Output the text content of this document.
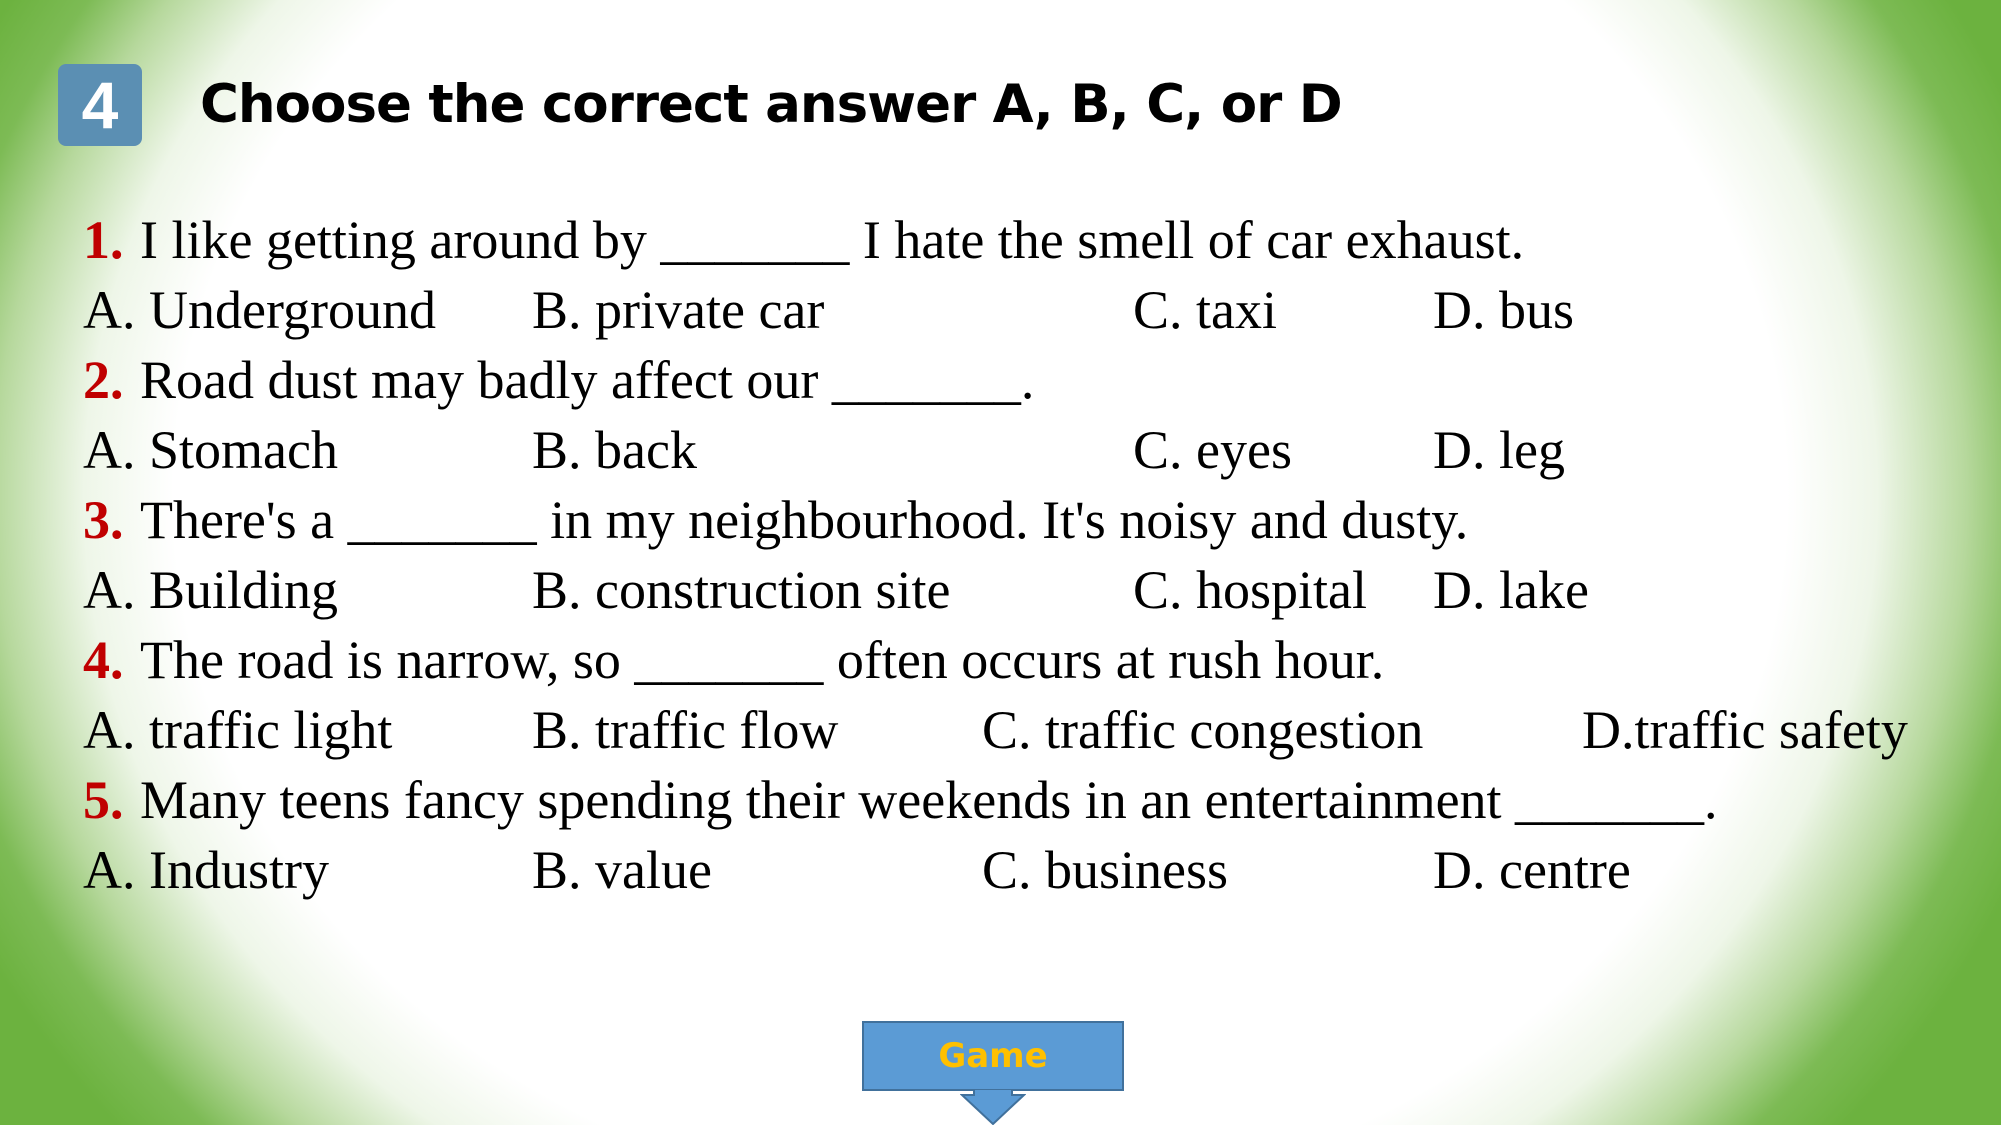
4	Choose the correct answer A, B, C, or D
1. I like getting around by _______ I hate the smell of car exhaust.
A. Underground B. private car	C. taxi	D. bus
2. Road dust may badly affect our _______.
A. Stomach	B. back	C. eyes	D. leg
3. There's a _______ in my neighbourhood. It's noisy and dusty.
A. Building	B. construction site	C. hospital D. lake
4. The road is narrow, so _______ often occurs at rush hour.
A. traffic light	B. traffic flow	C. traffic congestion	D.traffic safety
5. Many teens fancy spending their weekends in an entertainment _______.
A. Industry	B. value	C. business	D. centre
Game
